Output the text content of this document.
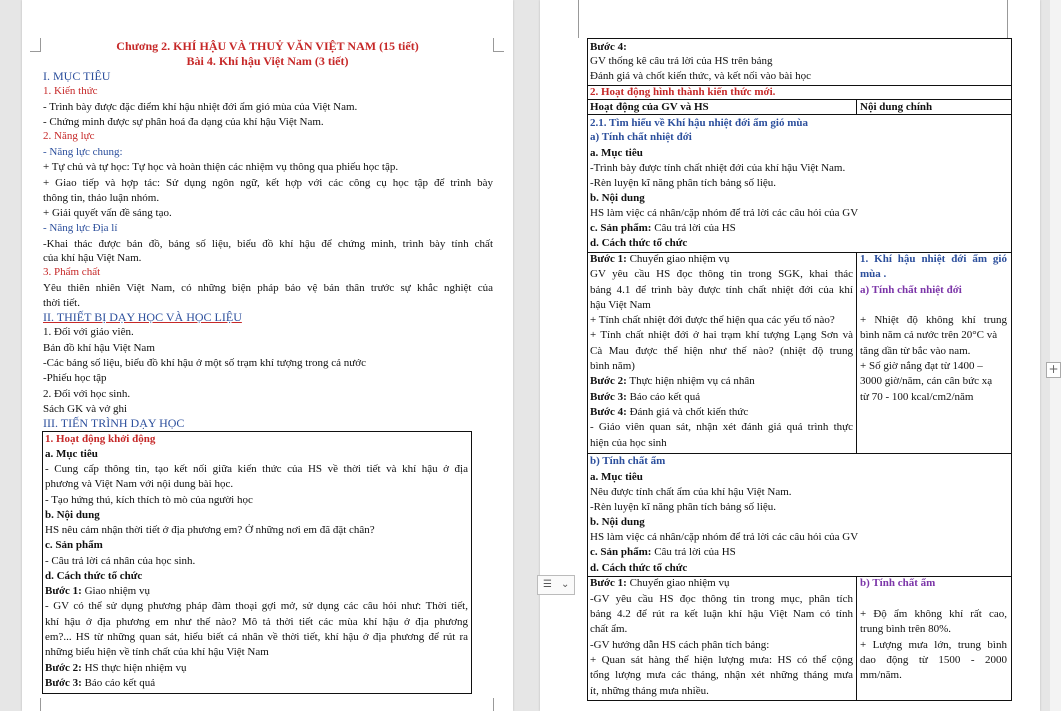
Chương 2. KHÍ HẬU VÀ THUỶ VĂN VIỆT NAM (15 tiết)
Bài 4. Khí hậu Việt Nam (3 tiết)
I. MỤC TIÊU
1. Kiến thức
- Trình bày được đặc điểm khí hậu nhiệt đới ẩm gió mùa của Việt Nam.
- Chứng minh được sự phân hoá đa dạng của khí hậu Việt Nam.
2. Năng lực
- Năng lực chung:
+ Tự chủ và tự học: Tự học và hoàn thiện các nhiệm vụ thông qua phiếu học tập.
+ Giao tiếp và hợp tác: Sử dụng ngôn ngữ, kết hợp với các công cụ học tập để trình bày
thông tin, thảo luận nhóm.
+ Giải quyết vấn đề sáng tạo.
- Năng lực Địa lí
-Khai thác được bản đồ, bảng số liệu, biểu đồ khí hậu để chứng minh, trình bày tính chất
của khí hậu Việt Nam.
3. Phẩm chất
Yêu thiên nhiên Việt Nam, có những biện pháp bảo vệ bản thân trước sự khắc nghiệt của
thời tiết.
II. THIẾT BỊ DẠY HỌC VÀ HỌC LIỆU
1. Đối với giáo viên.
Bản đồ khí hậu Việt Nam
-Các bảng số liệu, biểu đồ khí hậu ở một số trạm khí tượng trong cả nước
-Phiếu học tập
2. Đối với học sinh.
Sách GK và vở ghi
III. TIẾN TRÌNH DẠY HỌC
1. Hoạt động khởi động
a. Mục tiêu
- Cung cấp thông tin, tạo kết nối giữa kiến thức của HS về thời tiết và khí hậu ở địa
phương và Việt Nam với nội dung bài học.
- Tạo hứng thú, kích thích tò mò của người học
b. Nội dung
HS nêu cảm nhận thời tiết ở địa phương em? Ở những nơi em đã đặt chân?
c. Sản phẩm
- Câu trả lời cá nhân của học sinh.
d. Cách thức tổ chức
Bước 1: Giao nhiệm vụ
- GV có thể sử dụng phương pháp đàm thoại gợi mở, sử dụng các câu hỏi như: Thời tiết,
khí hậu ở địa phương em như thế nào? Mô tả thời tiết các mùa khí hậu ở địa phương
em?... HS từ những quan sát, hiểu biết cá nhân về thời tiết, khí hậu ở địa phương để rút ra
những biểu hiện về tính chất của khí hậu Việt Nam
Bước 2: HS thực hiện nhiệm vụ
Bước 3: Báo cáo kết quả
Bước 4:
GV thống kê câu trả lời của HS trên bảng
Đánh giá và chốt kiến thức, và kết nối vào bài học
2. Hoạt động hình thành kiến thức mới.
Hoạt động của GV và HS	Nội dung chính
2.1. Tìm hiểu về Khí hậu nhiệt đới ẩm gió mùa
a) Tính chất nhiệt đới
a. Mục tiêu
-Trình bày được tính chất nhiệt đới của khí hậu Việt Nam.
-Rèn luyện kĩ năng phân tích bảng số liệu.
b. Nội dung
HS làm việc cá nhân/cặp nhóm để trả lời các câu hỏi của GV
c. Sản phẩm: Câu trả lời của HS
d. Cách thức tổ chức
Bước 1: Chuyển giao nhiệm vụ
GV yêu cầu HS đọc thông tin trong SGK, khai thác
bảng 4.1 để trình bày được tính chất nhiệt đới của khí
hậu Việt Nam
+ Tính chất nhiệt đới được thể hiện qua các yếu tố nào?
+ Tính chất nhiệt đới ở hai trạm khí tượng Lạng Sơn và
Cà Mau được thể hiện như thế nào? (nhiệt độ trung
bình năm)
Bước 2: Thực hiện nhiệm vụ cá nhân
Bước 3: Báo cáo kết quả
Bước 4: Đánh giá và chốt kiến thức
- Giáo viên quan sát, nhận xét đánh giá quá trình thực
hiện của học sinh
1. Khí hậu nhiệt đới ẩm gió
mùa .
a) Tính chất nhiệt đới
+ Nhiệt độ không khí trung
bình năm cả nước trên 20°C và
tăng dần từ bắc vào nam.
+ Số giờ nắng đạt từ 1400 –
3000 giờ/năm, cán cân bức xạ
từ 70 - 100 kcal/cm2/năm
b) Tính chất ẩm
a. Mục tiêu
Nêu được tính chất ẩm của khí hậu Việt Nam.
-Rèn luyện kĩ năng phân tích bảng số liệu.
b. Nội dung
HS làm việc cá nhân/cặp nhóm để trả lời các câu hỏi của GV
c. Sản phẩm: Câu trả lời của HS
d. Cách thức tổ chức
Bước 1: Chuyển giao nhiệm vụ
-GV yêu cầu HS đọc thông tin trong mục, phân tích
bảng 4.2 để rút ra kết luận khí hậu Việt Nam có tính
chất ẩm.
-GV hướng dẫn HS cách phân tích bảng:
+ Quan sát hàng thể hiện lượng mưa: HS có thể cộng
tổng lượng mưa các tháng, nhận xét những tháng mưa
ít, những tháng mưa nhiều.
b) Tính chất ẩm
+ Độ ẩm không khí rất cao,
trung bình trên 80%.
+ Lượng mưa lớn, trung bình
dao động từ 1500 - 2000
mm/năm.
+
☰ ⌄
